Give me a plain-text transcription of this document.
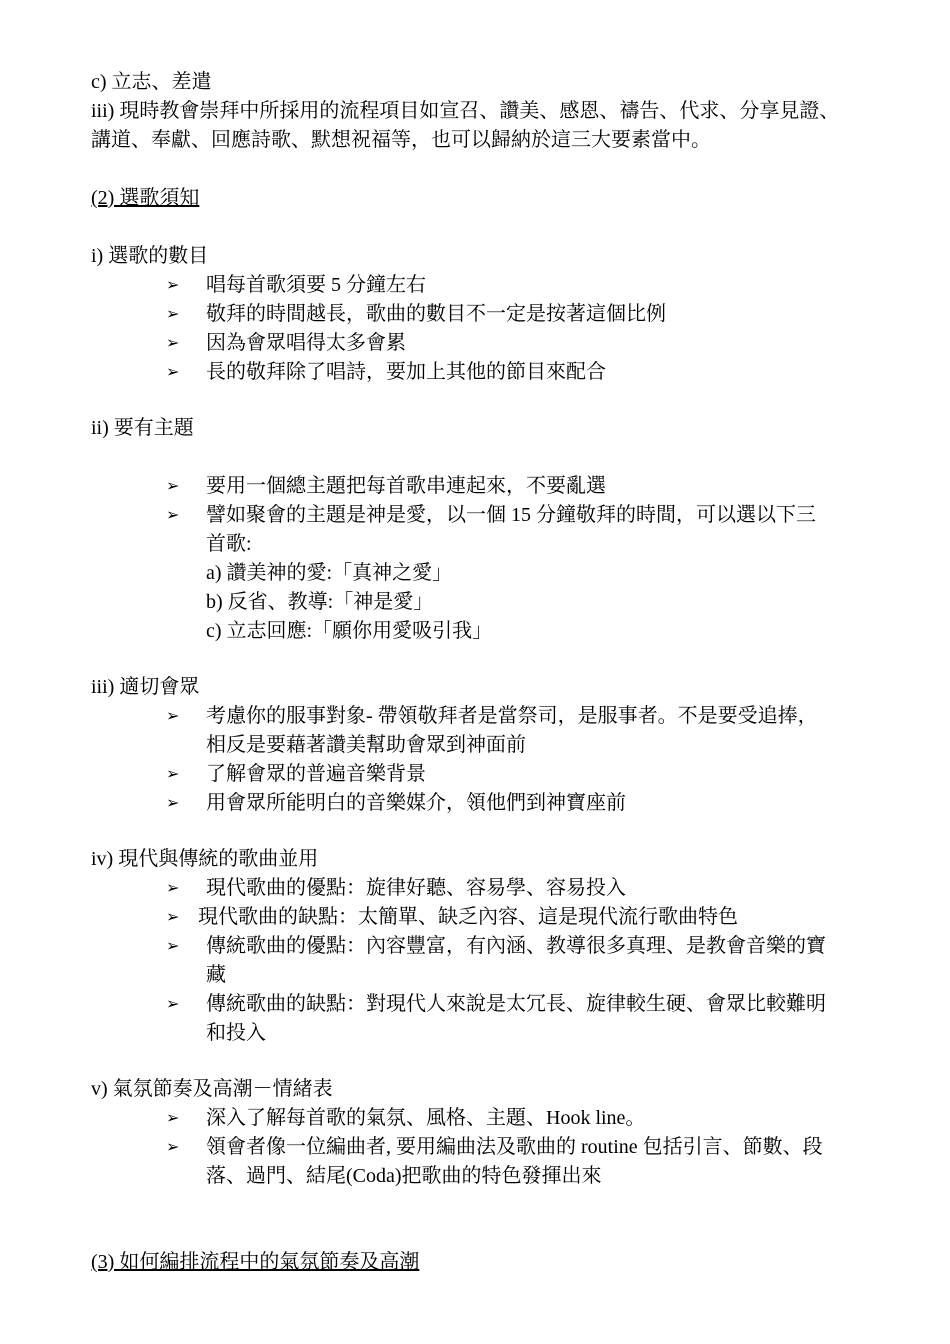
c) 立志、差遣
iii) 現時教會崇拜中所採用的流程項目如宣召、讚美、感恩、禱告、代求、分享見證、
講道、奉獻、回應詩歌、默想祝福等，也可以歸納於這三大要素當中。
(2) 選歌須知
i) 選歌的數目
➢	唱每首歌須要 5 分鐘左右
➢	敬拜的時間越長，歌曲的數目不一定是按著這個比例
➢	因為會眾唱得太多會累
➢	長的敬拜除了唱詩，要加上其他的節目來配合
ii) 要有主題
➢	要用一個總主題把每首歌串連起來，不要亂選
➢	譬如聚會的主題是神是愛，以一個 15 分鐘敬拜的時間，可以選以下三
首歌:
a) 讚美神的愛:「真神之愛」
b) 反省、教導:「神是愛」
c) 立志回應:「願你用愛吸引我」
iii) 適切會眾
➢	考慮你的服事對象- 帶領敬拜者是當祭司，是服事者。不是要受追捧，
相反是要藉著讚美幫助會眾到神面前
➢	了解會眾的普遍音樂背景
➢	用會眾所能明白的音樂媒介，領他們到神寶座前
iv) 現代與傳統的歌曲並用
➢	現代歌曲的優點：旋律好聽、容易學、容易投入
➢ 現代歌曲的缺點：太簡單、缺乏內容、這是現代流行歌曲特色
➢	傳統歌曲的優點：內容豐富，有內涵、教導很多真理、是教會音樂的寶
藏
➢	傳統歌曲的缺點：對現代人來說是太冗長、旋律較生硬、會眾比較難明
和投入
v) 氣氛節奏及高潮－情緒表
➢	深入了解每首歌的氣氛、風格、主題、Hook line。
➢	領會者像一位編曲者, 要用編曲法及歌曲的 routine 包括引言、節數、段
落、過門、結尾(Coda)把歌曲的特色發揮出來
(3) 如何編排流程中的氣氛節奏及高潮
